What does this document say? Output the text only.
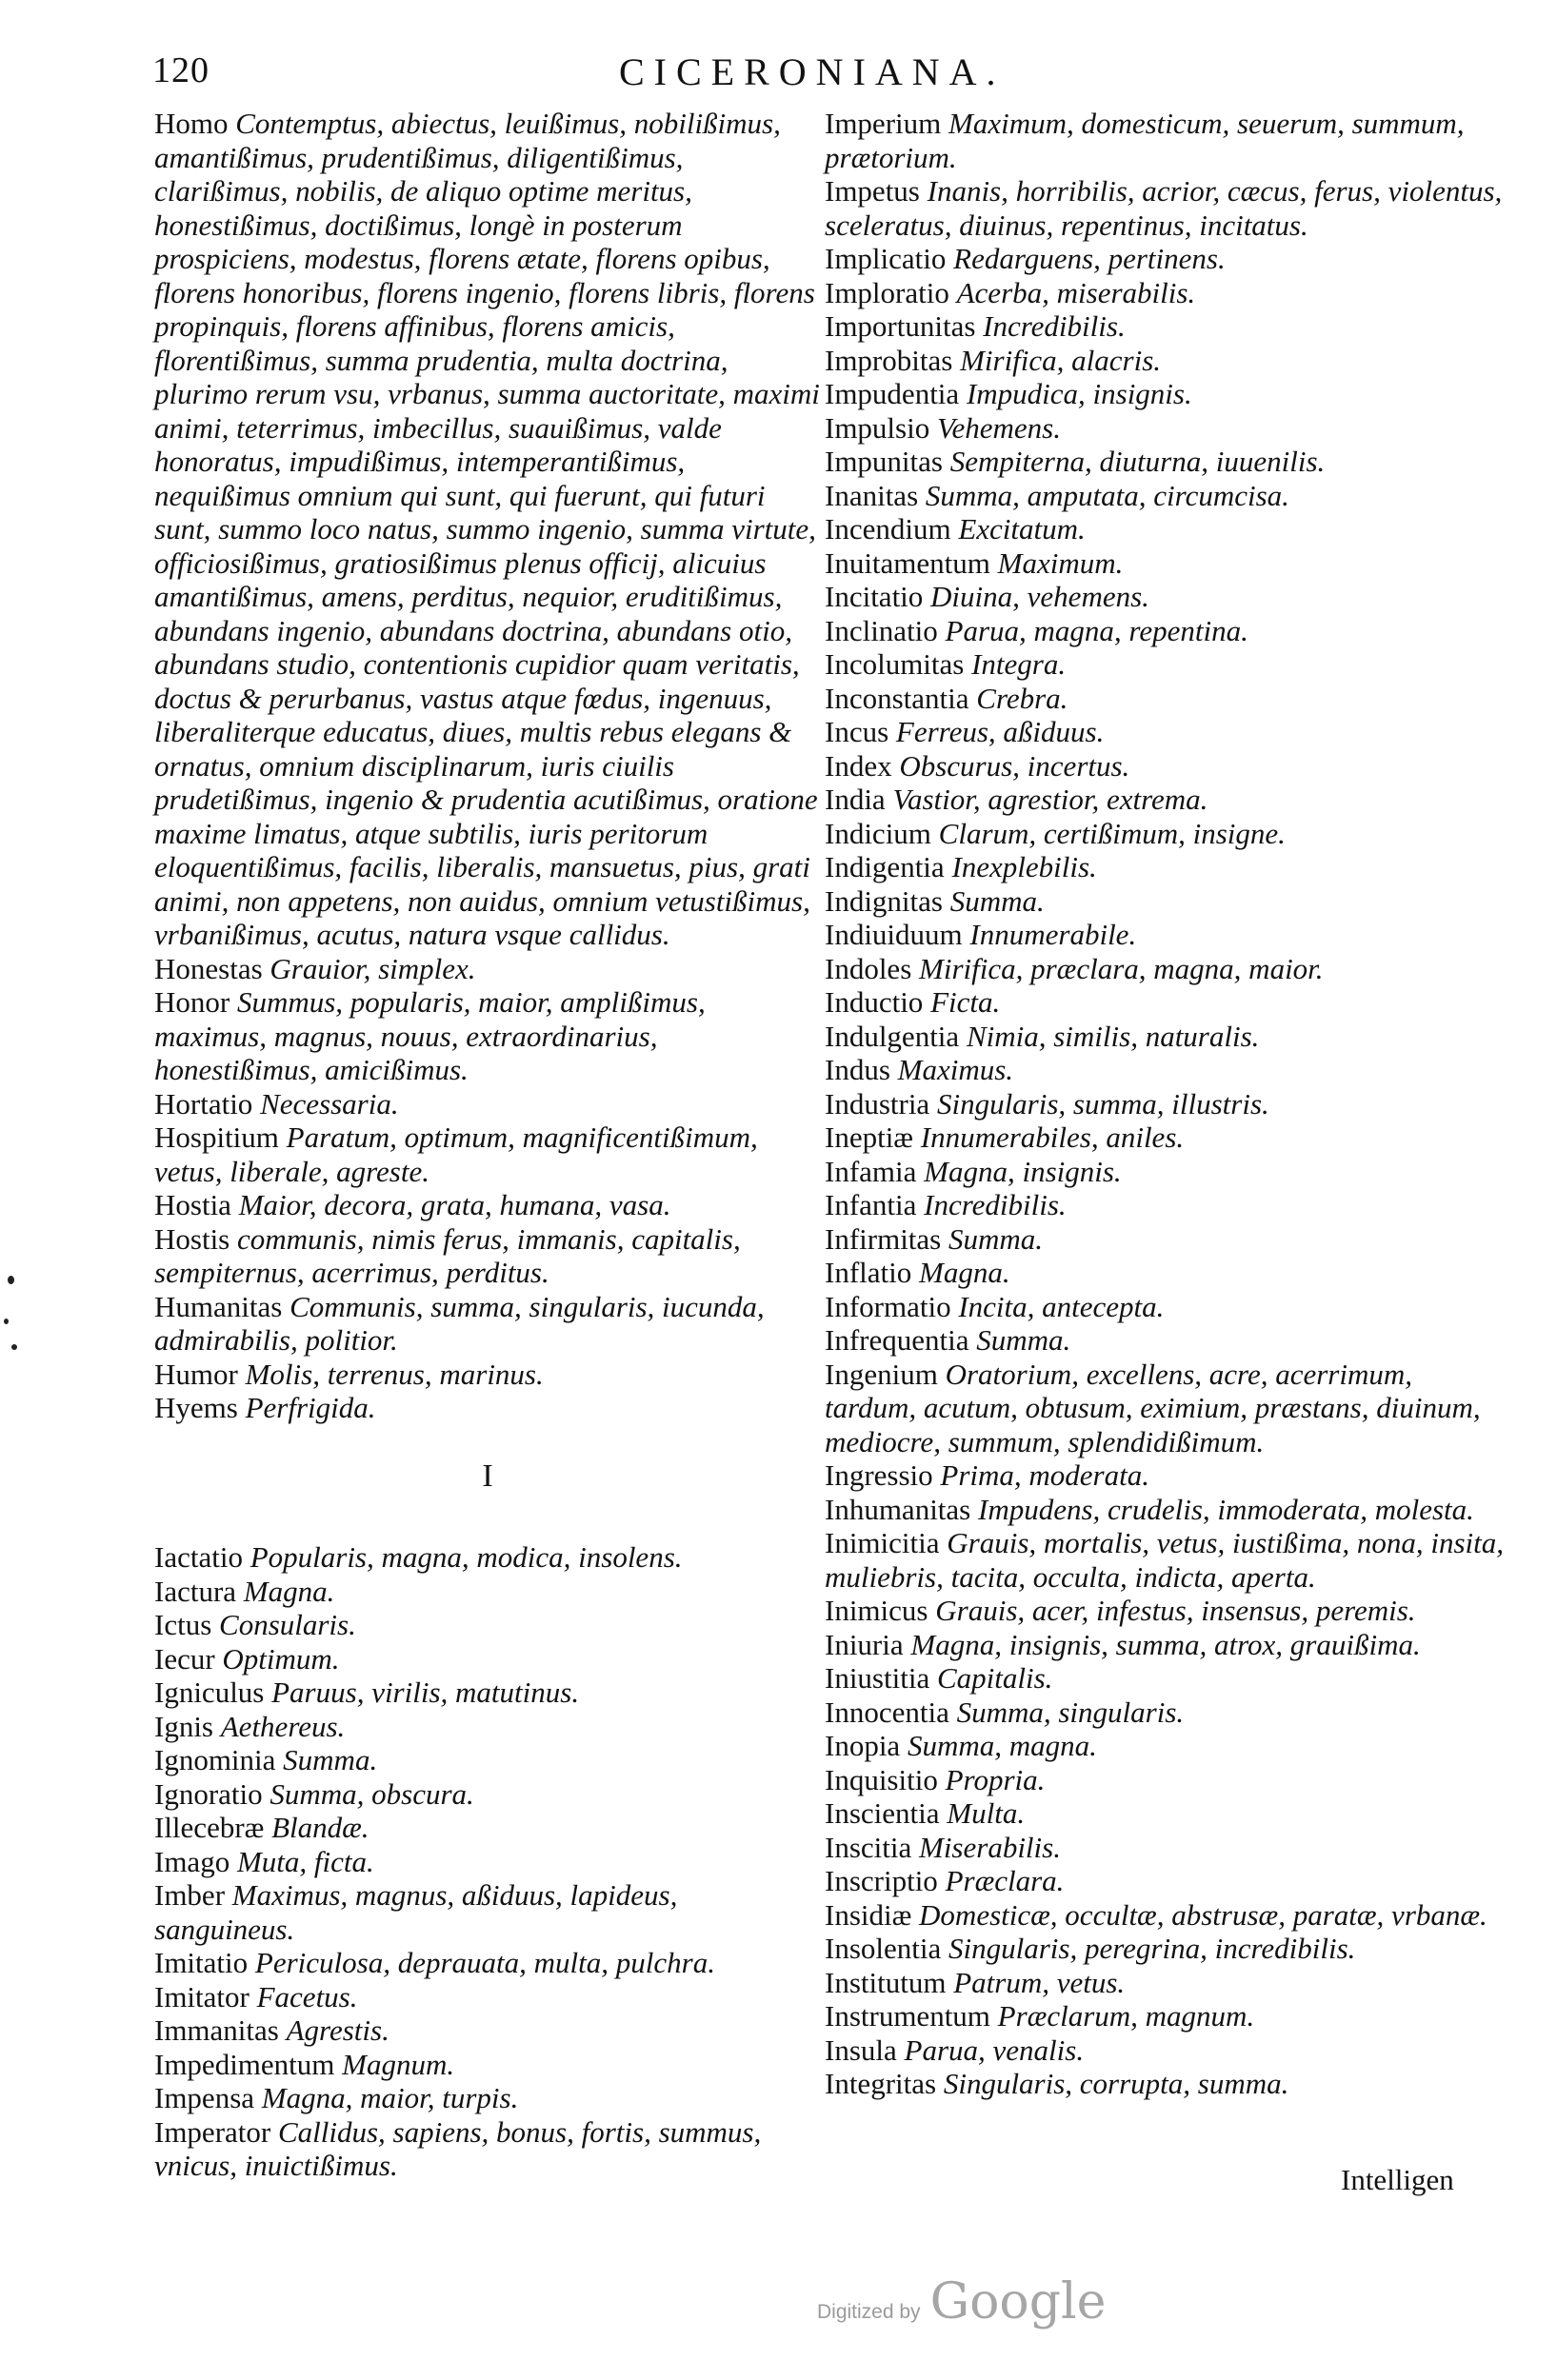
120	CICERONIANA.

Homo Contemptus, abiectus, leuißimus, nobilißimus, amantißimus, prudentißimus, diligentißimus, clarißimus, nobilis, de aliquo optime meritus, honestißimus, doctißimus, longè in posterum prospiciens, modestus, florens ætate, florens opibus, florens honoribus, florens ingenio, florens libris, florens propinquis, florens affinibus, florens amicis, florentißimus, summa prudentia, multa doctrina, plurimo rerum vsu, vrbanus, summa auctoritate, maximi animi, teterrimus, imbecillus, suauißimus, valde honoratus, impudißimus, intemperantißimus, nequißimus omnium qui sunt, qui fuerunt, qui futuri sunt, summo loco natus, summo ingenio, summa virtute, officiosißimus, gratiosißimus plenus officij, alicuius amantißimus, amens, perditus, nequior, eruditißimus, abundans ingenio, abundans doctrina, abundans otio, abundans studio, contentionis cupidior quam veritatis, doctus & perurbanus, vastus atque fœdus, ingenuus, liberaliterque educatus, diues, multis rebus elegans & ornatus, omnium disciplinarum, iuris ciuilis prudetißimus, ingenio & prudentia acutißimus, oratione maxime limatus, atque subtilis, iuris peritorum eloquentißimus, facilis, liberalis, mansuetus, pius, grati animi, non appetens, non auidus, omnium vetustißimus, vrbanißimus, acutus, natura vsque callidus.

Honestas Grauior, simplex.

Honor Summus, popularis, maior, amplißimus, maximus, magnus, nouus, extraordinarius, honestißimus, amicißimus.

Hortatio Necessaria.

Hospitium Paratum, optimum, magnificentißimum, vetus, liberale, agreste.

Hostia Maior, decora, grata, humana, vasa.

Hostis communis, nimis ferus, immanis, capitalis, sempiternus, acerrimus, perditus.

Humanitas Communis, summa, singularis, iucunda, admirabilis, politior.

Humor Molis, terrenus, marinus.

Hyems Perfrigida.

I

Iactatio Popularis, magna, modica, insolens.

Iactura Magna.

Ictus Consularis.

Iecur Optimum.

Igniculus Paruus, virilis, matutinus.

Ignis Aethereus.

Ignominia Summa.

Ignoratio Summa, obscura.

Illecebræ Blandæ.

Imago Muta, ficta.

Imber Maximus, magnus, aßiduus, lapideus, sanguineus.

Imitatio Periculosa, deprauata, multa, pulchra.

Imitator Facetus.

Immanitas Agrestis.

Impedimentum Magnum.

Impensa Magna, maior, turpis.

Imperator Callidus, sapiens, bonus, fortis, summus, vnicus, inuictißimus.

Imperium Maximum, domesticum, seuerum, summum, prætorium.

Impetus Inanis, horribilis, acrior, cæcus, ferus, violentus, sceleratus, diuinus, repentinus, incitatus.

Implicatio Redarguens, pertinens.

Imploratio Acerba, miserabilis.

Importunitas Incredibilis.

Improbitas Mirifica, alacris.

Impudentia Impudica, insignis.

Impulsio Vehemens.

Impunitas Sempiterna, diuturna, iuuenilis.

Inanitas Summa, amputata, circumcisa.

Incendium Excitatum.

Inuitamentum Maximum.

Incitatio Diuina, vehemens.

Inclinatio Parua, magna, repentina.

Incolumitas Integra.

Inconstantia Crebra.

Incus Ferreus, aßiduus.

Index Obscurus, incertus.

India Vastior, agrestior, extrema.

Indicium Clarum, certißimum, insigne.

Indigentia Inexplebilis.

Indignitas Summa.

Indiuiduum Innumerabile.

Indoles Mirifica, præclara, magna, maior.

Inductio Ficta.

Indulgentia Nimia, similis, naturalis.

Indus Maximus.

Industria Singularis, summa, illustris.

Ineptiæ Innumerabiles, aniles.

Infamia Magna, insignis.

Infantia Incredibilis.

Infirmitas Summa.

Inflatio Magna.

Informatio Incita, antecepta.

Infrequentia Summa.

Ingenium Oratorium, excellens, acre, acerrimum, tardum, acutum, obtusum, eximium, præstans, diuinum, mediocre, summum, splendidißimum.

Ingressio Prima, moderata.

Inhumanitas Impudens, crudelis, immoderata, molesta.

Inimicitia Grauis, mortalis, vetus, iustißima, nona, insita, muliebris, tacita, occulta, indicta, aperta.

Inimicus Grauis, acer, infestus, insensus, peremis.

Iniuria Magna, insignis, summa, atrox, grauißima.

Iniustitia Capitalis.

Innocentia Summa, singularis.

Inopia Summa, magna.

Inquisitio Propria.

Inscientia Multa.

Inscitia Miserabilis.

Inscriptio Præclara.

Insidiæ Domesticæ, occultæ, abstrusæ, paratæ, vrbanæ.

Insolentia Singularis, peregrina, incredibilis.

Institutum Patrum, vetus.

Instrumentum Præclarum, magnum.

Insula Parua, venalis.

Integritas Singularis, corrupta, summa.

Intelligen
Digitized by Google
